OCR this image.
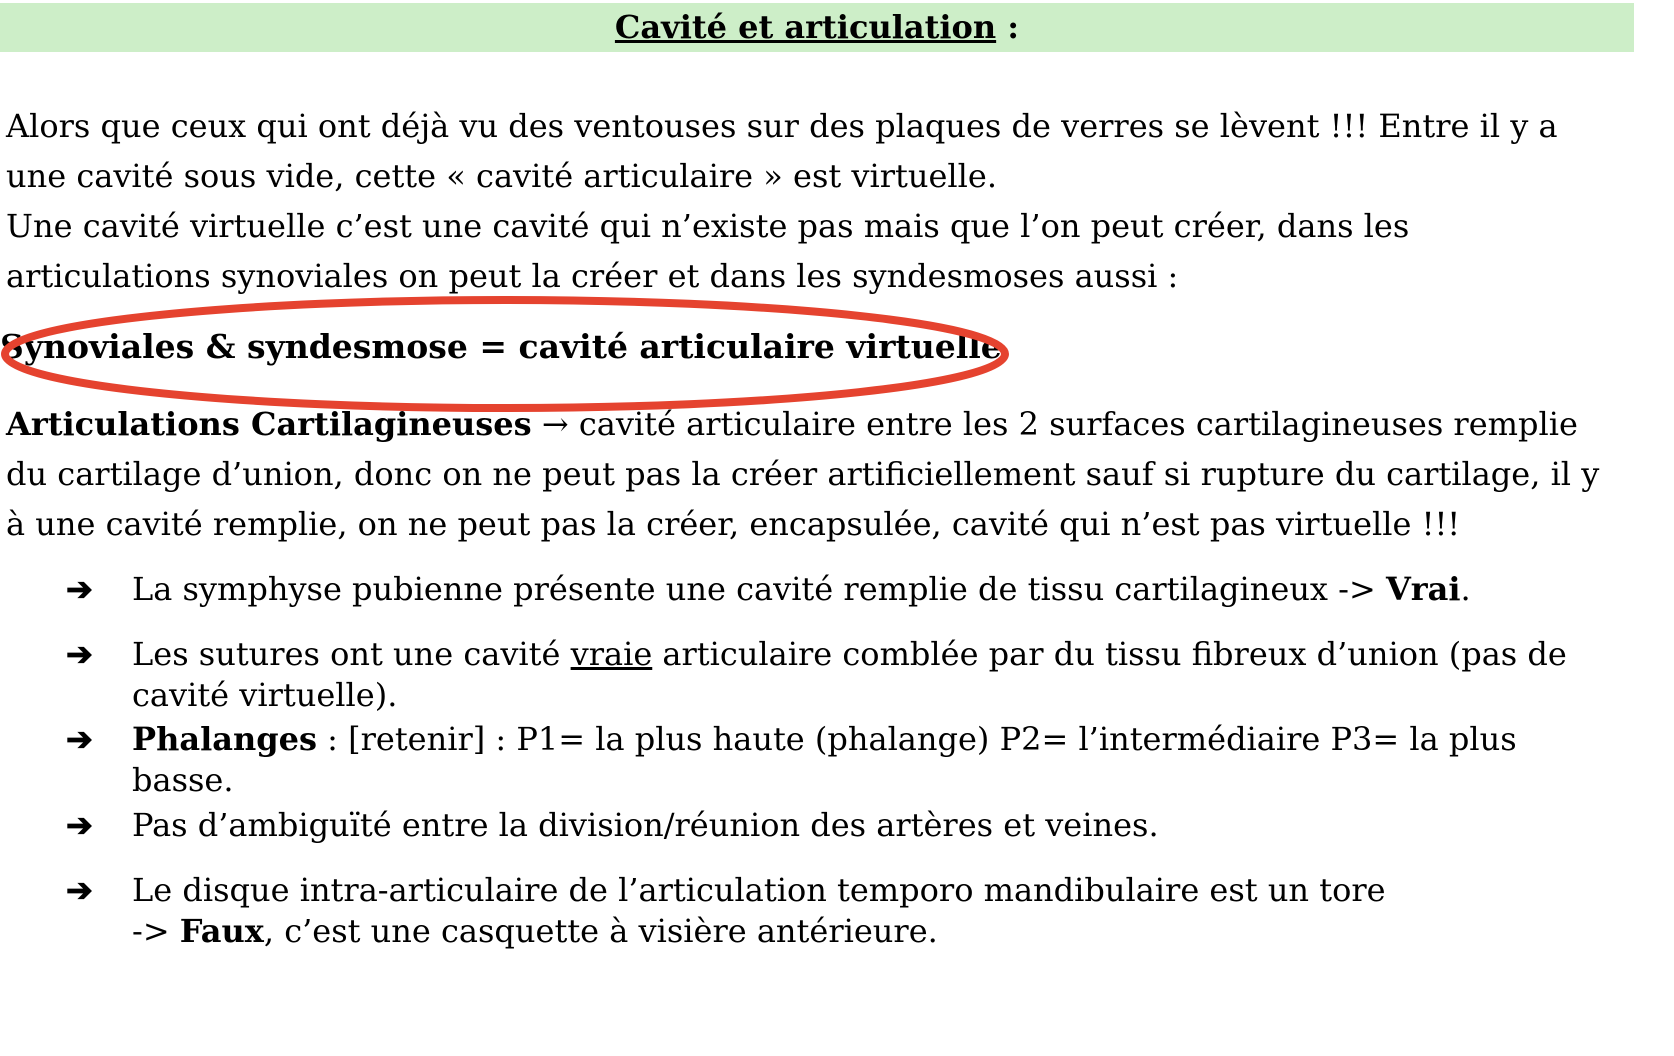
Cavité et articulation :
Alors que ceux qui ont déjà vu des ventouses sur des plaques de verres se lèvent !!! Entre il y a
une cavité sous vide, cette « cavité articulaire » est virtuelle.
Une cavité virtuelle c’est une cavité qui n’existe pas mais que l’on peut créer, dans les
articulations synoviales on peut la créer et dans les syndesmoses aussi :
Synoviales & syndesmose = cavité articulaire virtuelle
Articulations Cartilagineuses → cavité articulaire entre les 2 surfaces cartilagineuses remplie
du cartilage d’union, donc on ne peut pas la créer artificiellement sauf si rupture du cartilage, il y
à une cavité remplie, on ne peut pas la créer, encapsulée, cavité qui n’est pas virtuelle !!!
➔	La symphyse pubienne présente une cavité remplie de tissu cartilagineux -> Vrai.
➔	Les sutures ont une cavité vraie articulaire comblée par du tissu fibreux d’union (pas de
cavité virtuelle).
➔	Phalanges : [retenir] : P1= la plus haute (phalange) P2= l’intermédiaire P3= la plus
basse.
➔	Pas d’ambiguïté entre la division/réunion des artères et veines.
➔	Le disque intra-articulaire de l’articulation temporo mandibulaire est un tore
-> Faux, c’est une casquette à visière antérieure.
